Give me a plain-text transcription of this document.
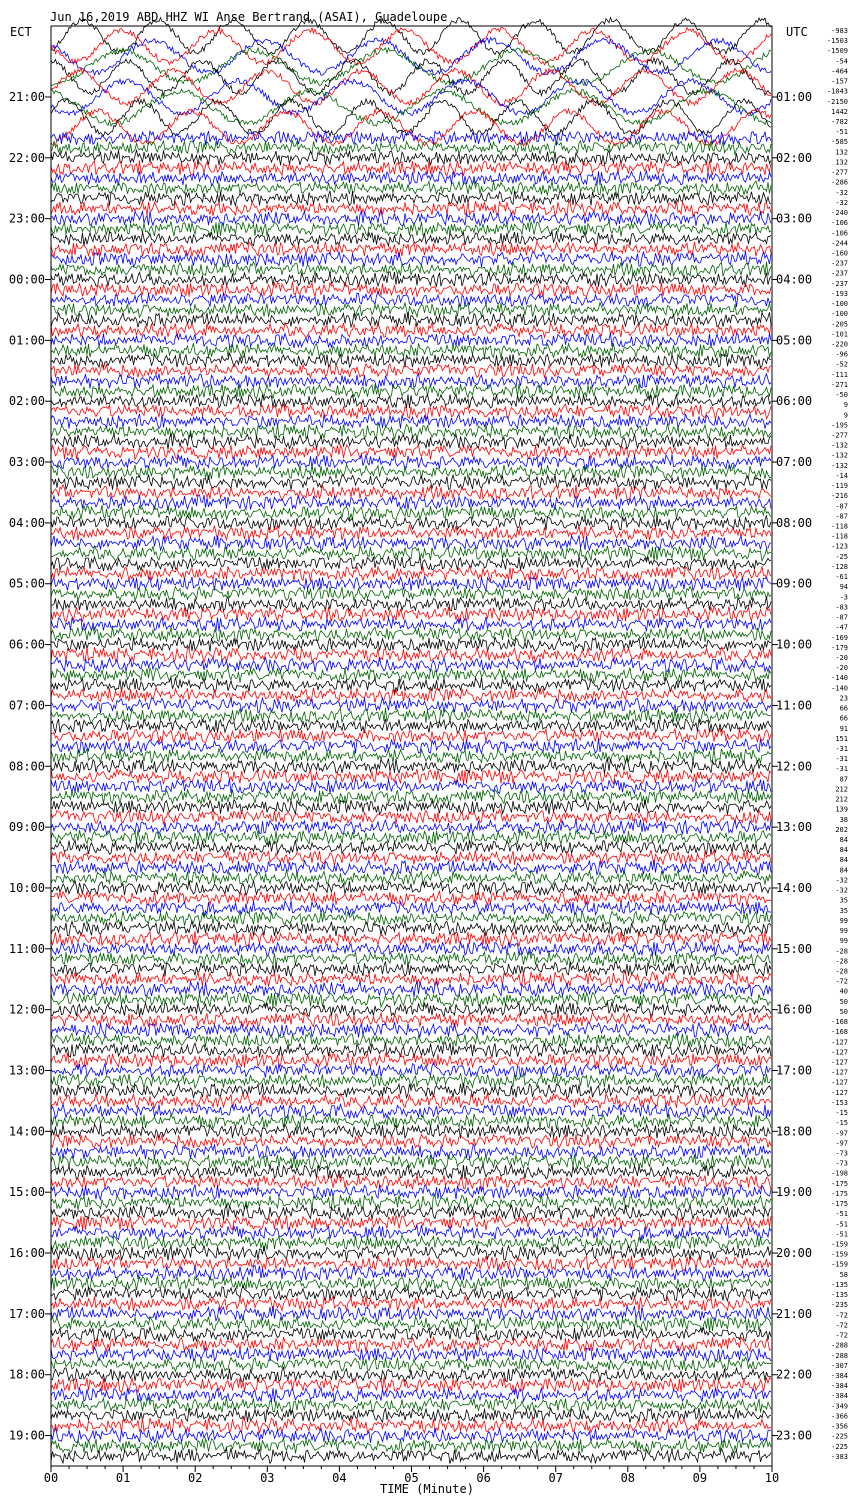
Jun 16,2019 ABD HHZ WI Anse Bertrand (ASAI), Guadeloupe
ECT	UTC
TIME (Minute)
00	01	02	03	04	05	06	07	08	09	10
21:00
22:00
23:00
00:00
01:00
02:00
03:00
04:00
05:00
06:00
07:00
08:00
09:00
10:00
11:00
12:00
13:00
14:00
15:00
16:00
17:00
18:00
19:00
01:00
02:00
03:00
04:00
05:00
06:00
07:00
08:00
09:00
10:00
11:00
12:00
13:00
14:00
15:00
16:00
17:00
18:00
19:00
20:00
21:00
22:00
23:00
-983
-1503
-1509
-54
-464
-157
-1043
-2150
1442
-782
-51
-585
132
132
-277
-286
-32
-32
-240
-106
-106
-244
-160
-237
-237
-237
-193
-100
-100
-205
-101
-220
-96
-52
-111
-271
-50
9
9
-195
-277
-132
-132
-132
-14
-119
-216
-87
-87
-118
-118
-123
-25
-128
-61
94
-3
-83
-87
-47
-169
-179
-20
-20
-140
-140
23
66
66
91
151
-31
-31
-31
87
212
212
139
38
202
84
84
84
84
-32
-32
35
35
99
99
99
-28
-28
-28
-72
40
50
50
-168
-168
-127
-127
-127
-127
-127
-127
-153
-15
-15
-97
-97
-73
-73
-198
-175
-175
-175
-51
-51
-51
-159
-159
-159
58
-135
-135
-235
-72
-72
-72
-288
-288
-307
-384
-384
-384
-349
-366
-356
-225
-225
-383
